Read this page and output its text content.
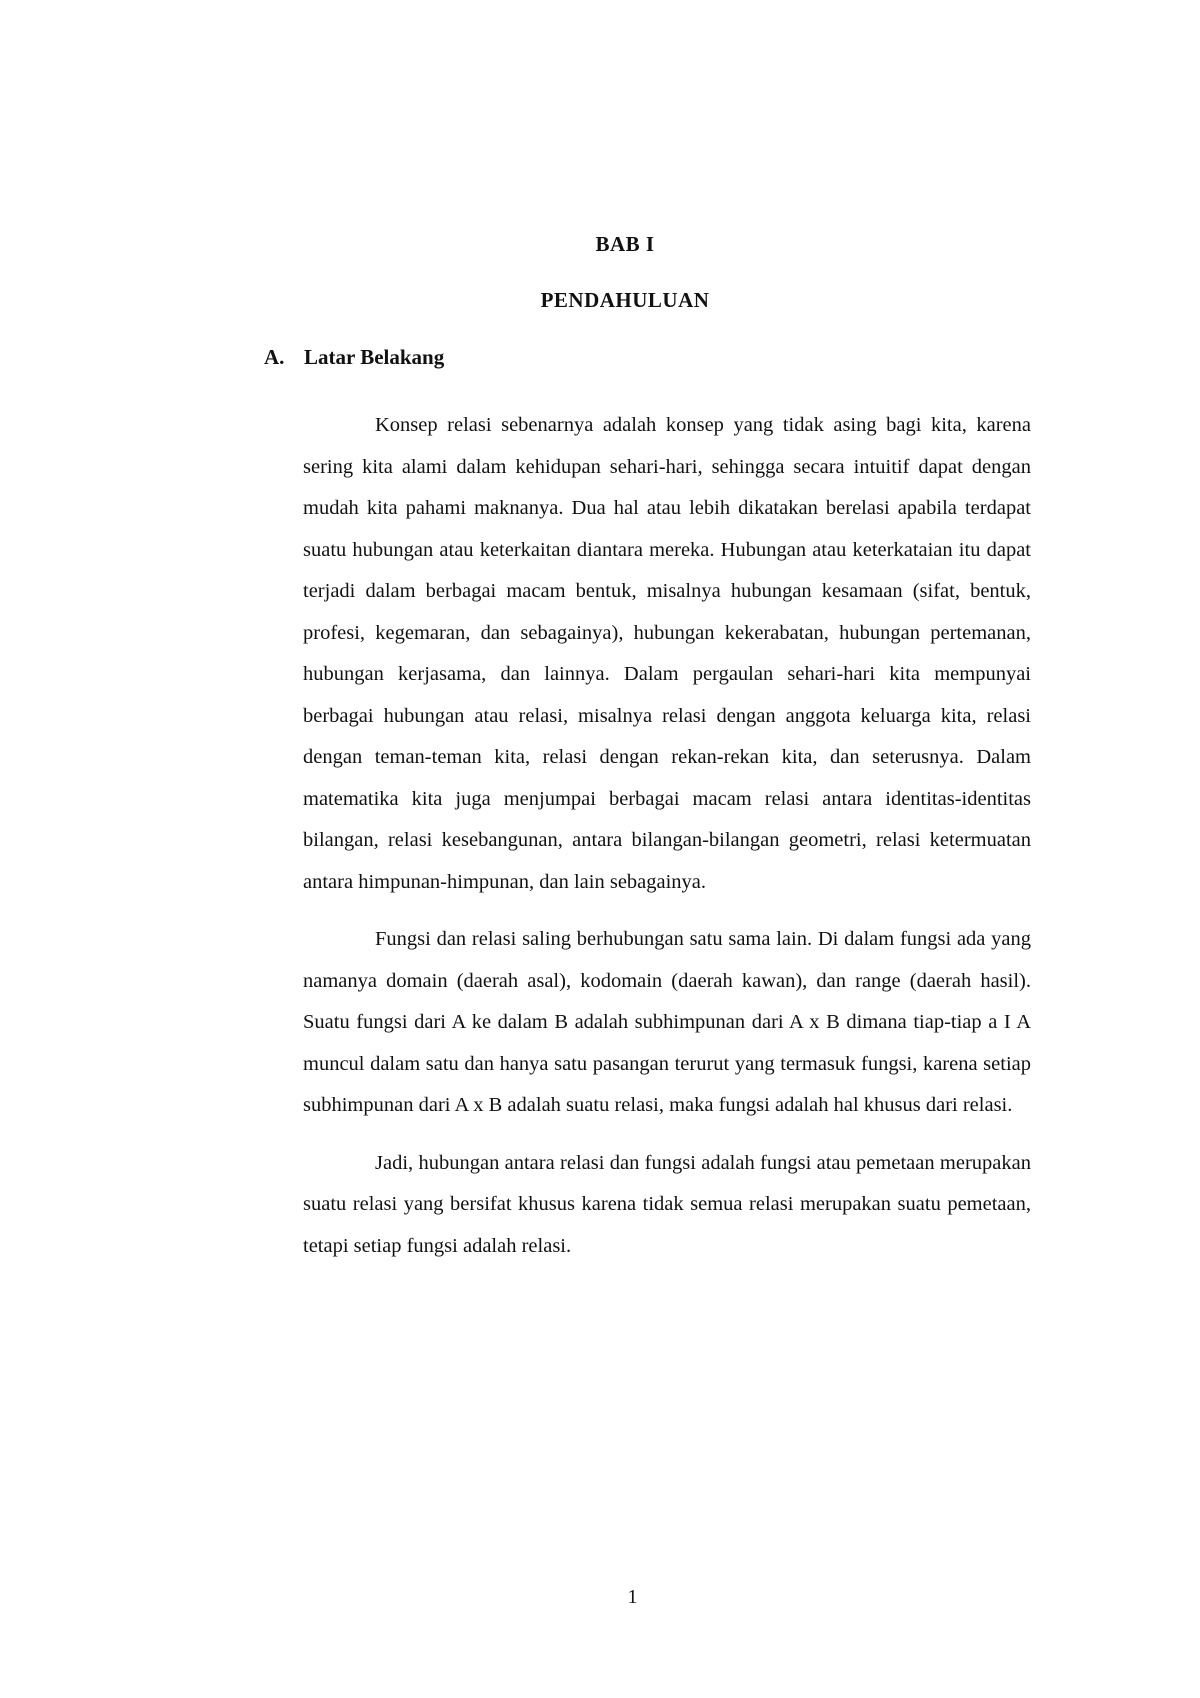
BAB I
PENDAHULUAN
A. Latar Belakang

Konsep relasi sebenarnya adalah konsep yang tidak asing bagi kita, karena sering kita alami dalam kehidupan sehari-hari, sehingga secara intuitif dapat dengan mudah kita pahami maknanya. Dua hal atau lebih dikatakan berelasi apabila terdapat suatu hubungan atau keterkaitan diantara mereka. Hubungan atau keterkataian itu dapat terjadi dalam berbagai macam bentuk, misalnya hubungan kesamaan (sifat, bentuk, profesi, kegemaran, dan sebagainya), hubungan kekerabatan, hubungan pertemanan, hubungan kerjasama, dan lainnya. Dalam pergaulan sehari-hari kita mempunyai berbagai hubungan atau relasi, misalnya relasi dengan anggota keluarga kita, relasi dengan teman-teman kita, relasi dengan rekan-rekan kita, dan seterusnya. Dalam matematika kita juga menjumpai berbagai macam relasi antara identitas-identitas bilangan, relasi kesebangunan, antara bilangan-bilangan geometri, relasi ketermuatan antara himpunan-himpunan, dan lain sebagainya.

Fungsi dan relasi saling berhubungan satu sama lain. Di dalam fungsi ada yang namanya domain (daerah asal), kodomain (daerah kawan), dan range (daerah hasil). Suatu fungsi dari A ke dalam B adalah subhimpunan dari A x B dimana tiap-tiap a I A muncul dalam satu dan hanya satu pasangan terurut yang termasuk fungsi, karena setiap subhimpunan dari A x B adalah suatu relasi, maka fungsi adalah hal khusus dari relasi.

Jadi, hubungan antara relasi dan fungsi adalah fungsi atau pemetaan merupakan suatu relasi yang bersifat khusus karena tidak semua relasi merupakan suatu pemetaan, tetapi setiap fungsi adalah relasi.

1
